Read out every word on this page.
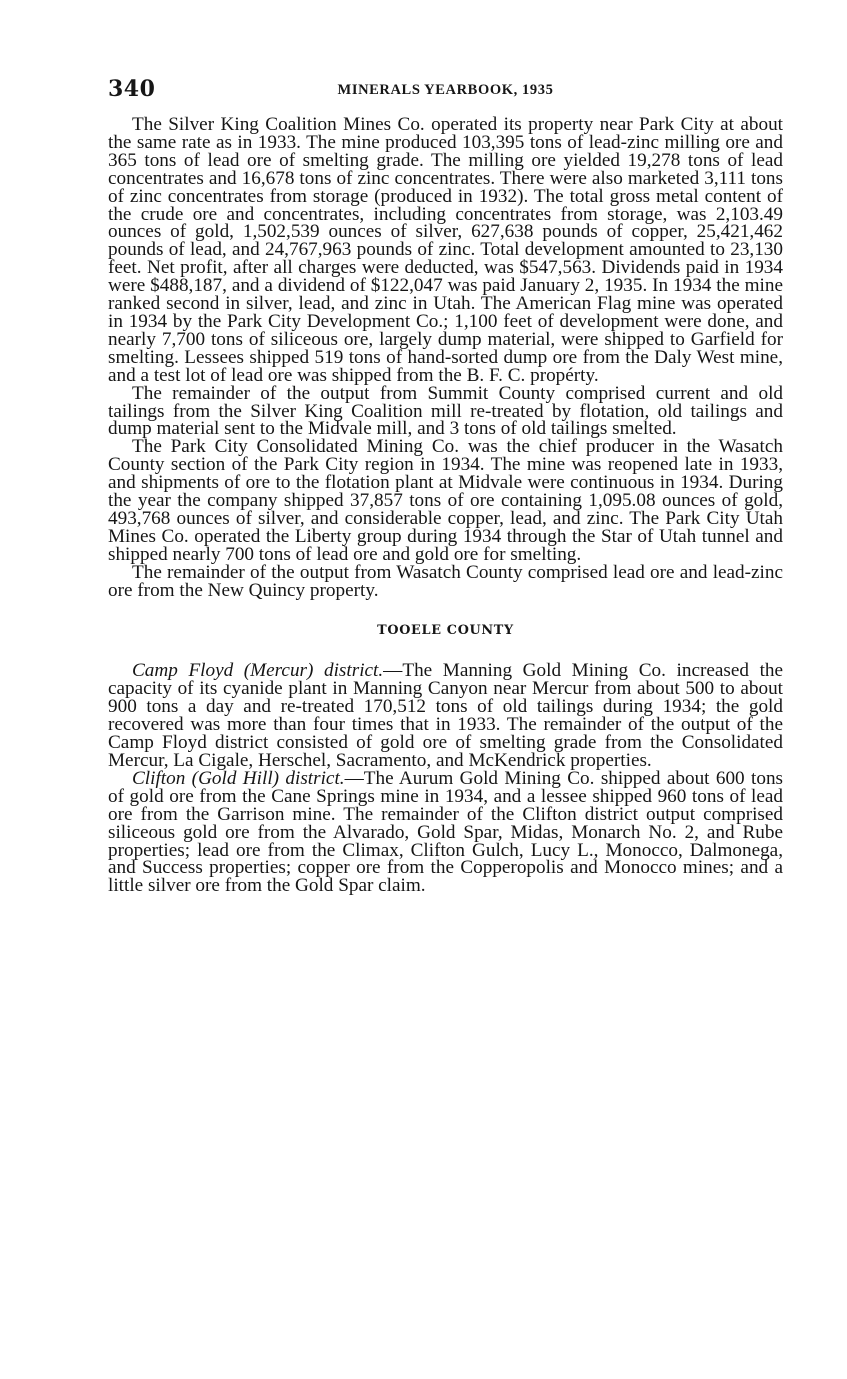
340	MINERALS YEARBOOK, 1935

The Silver King Coalition Mines Co. operated its property near Park City at about the same rate as in 1933. The mine produced 103,395 tons of lead-zinc milling ore and 365 tons of lead ore of smelting grade. The milling ore yielded 19,278 tons of lead concentrates and 16,678 tons of zinc concentrates. There were also marketed 3,111 tons of zinc concentrates from storage (produced in 1932). The total gross metal content of the crude ore and concentrates, including concentrates from storage, was 2,103.49 ounces of gold, 1,502,539 ounces of silver, 627,638 pounds of copper, 25,421,462 pounds of lead, and 24,767,963 pounds of zinc. Total development amounted to 23,130 feet. Net profit, after all charges were deducted, was $547,563. Dividends paid in 1934 were $488,187, and a dividend of $122,047 was paid January 2, 1935. In 1934 the mine ranked second in silver, lead, and zinc in Utah. The American Flag mine was operated in 1934 by the Park City Development Co.; 1,100 feet of development were done, and nearly 7,700 tons of siliceous ore, largely dump material, were shipped to Garfield for smelting. Lessees shipped 519 tons of hand-sorted dump ore from the Daly West mine, and a test lot of lead ore was shipped from the B. F. C. propérty.

The remainder of the output from Summit County comprised current and old tailings from the Silver King Coalition mill re-treated by flotation, old tailings and dump material sent to the Midvale mill, and 3 tons of old tailings smelted.

The Park City Consolidated Mining Co. was the chief producer in the Wasatch County section of the Park City region in 1934. The mine was reopened late in 1933, and shipments of ore to the flotation plant at Midvale were continuous in 1934. During the year the company shipped 37,857 tons of ore containing 1,095.08 ounces of gold, 493,768 ounces of silver, and considerable copper, lead, and zinc. The Park City Utah Mines Co. operated the Liberty group during 1934 through the Star of Utah tunnel and shipped nearly 700 tons of lead ore and gold ore for smelting.

The remainder of the output from Wasatch County comprised lead ore and lead-zinc ore from the New Quincy property.

TOOELE COUNTY

Camp Floyd (Mercur) district.—The Manning Gold Mining Co. increased the capacity of its cyanide plant in Manning Canyon near Mercur from about 500 to about 900 tons a day and re-treated 170,512 tons of old tailings during 1934; the gold recovered was more than four times that in 1933. The remainder of the output of the Camp Floyd district consisted of gold ore of smelting grade from the Consolidated Mercur, La Cigale, Herschel, Sacramento, and McKendrick properties.

Clifton (Gold Hill) district.—The Aurum Gold Mining Co. shipped about 600 tons of gold ore from the Cane Springs mine in 1934, and a lessee shipped 960 tons of lead ore from the Garrison mine. The remainder of the Clifton district output comprised siliceous gold ore from the Alvarado, Gold Spar, Midas, Monarch No. 2, and Rube properties; lead ore from the Climax, Clifton Gulch, Lucy L., Monocco, Dalmonega, and Success properties; copper ore from the Copperopolis and Monocco mines; and a little silver ore from the Gold Spar claim.
